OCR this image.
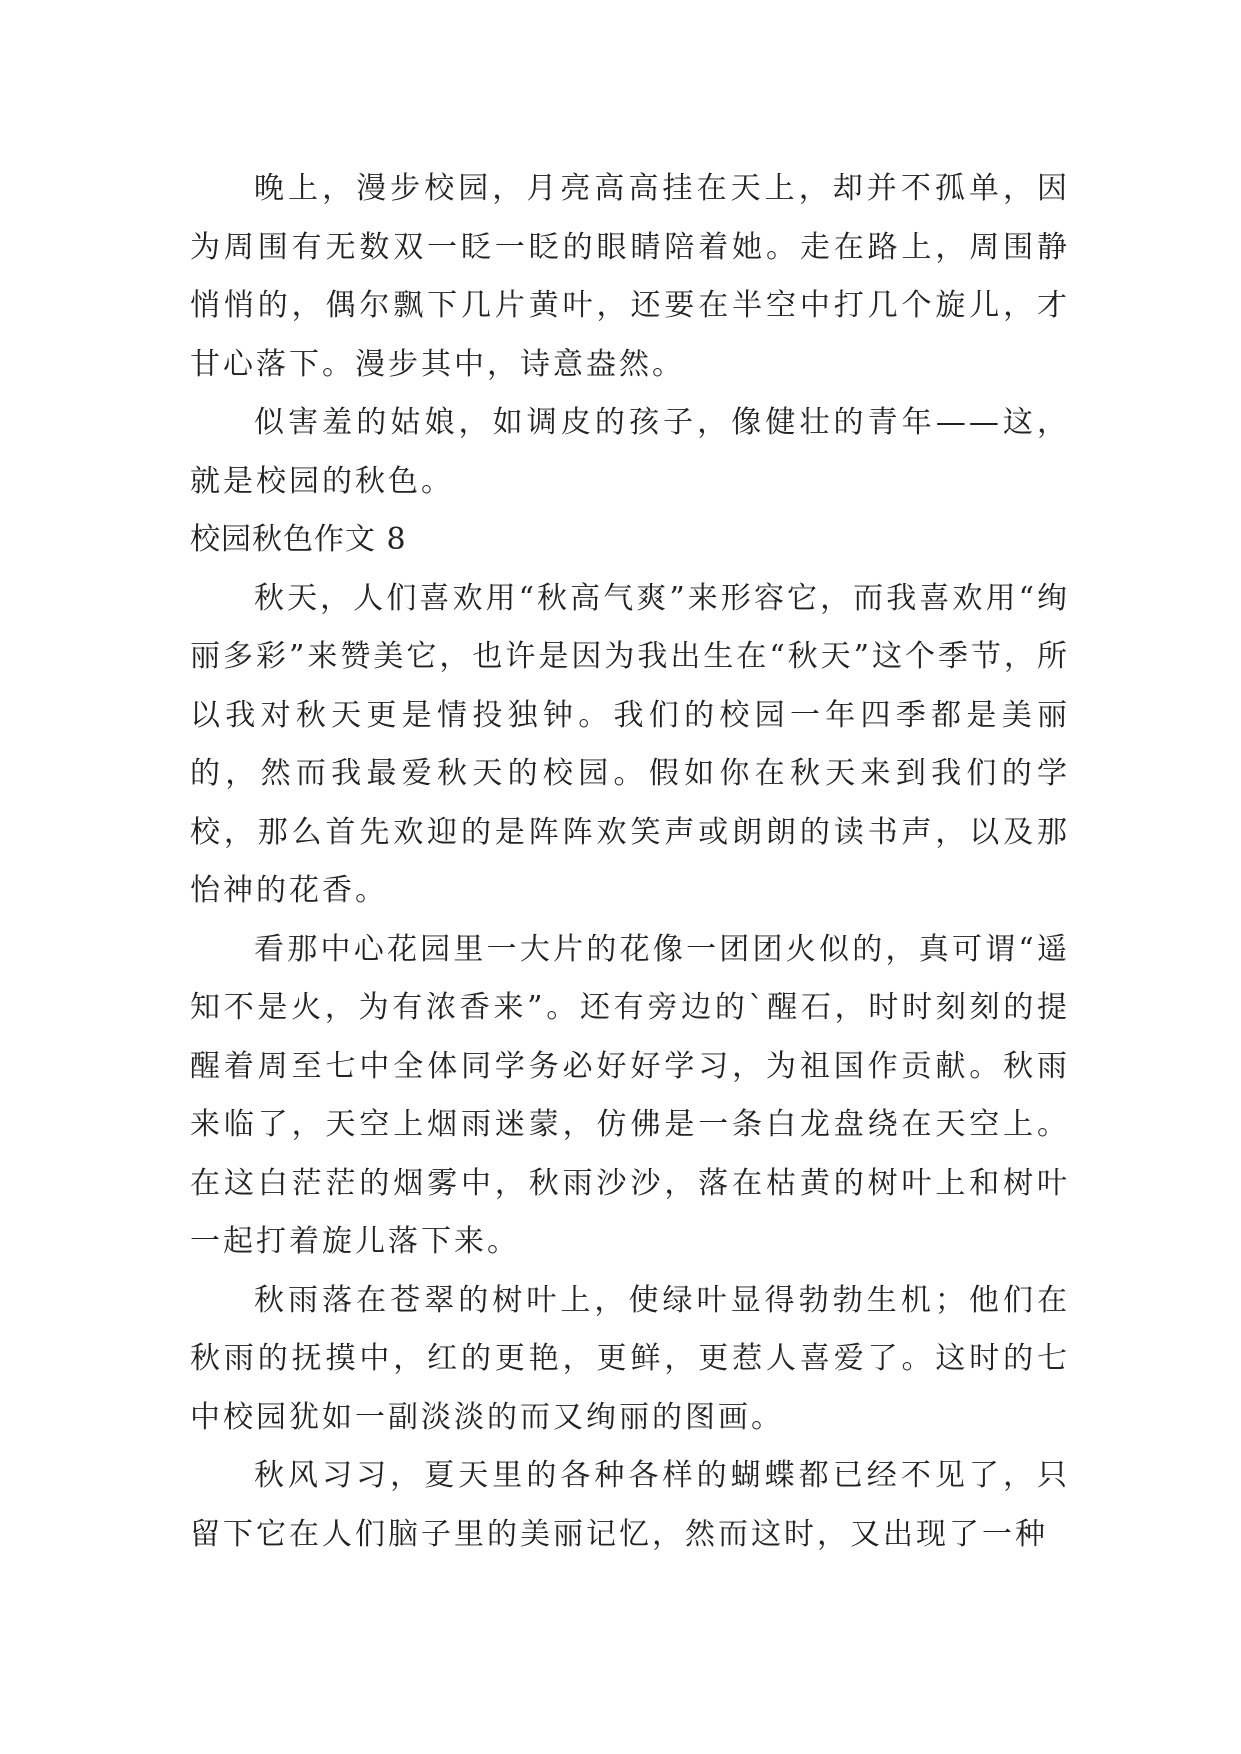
晚上，漫步校园，月亮高高挂在天上，却并不孤单，因为周围有无数双一眨一眨的眼睛陪着她。走在路上，周围静悄悄的，偶尔飘下几片黄叶，还要在半空中打几个旋儿，才甘心落下。漫步其中，诗意盎然。

似害羞的姑娘，如调皮的孩子，像健壮的青年——这，就是校园的秋色。

校园秋色作文 8

秋天，人们喜欢用“秋高气爽”来形容它，而我喜欢用“绚丽多彩”来赞美它，也许是因为我出生在“秋天”这个季节，所以我对秋天更是情投独钟。我们的校园一年四季都是美丽的，然而我最爱秋天的校园。假如你在秋天来到我们的学校，那么首先欢迎的是阵阵欢笑声或朗朗的读书声，以及那怡神的花香。

看那中心花园里一大片的花像一团团火似的，真可谓“遥知不是火，为有浓香来”。还有旁边的`醒石，时时刻刻的提醒着周至七中全体同学务必好好学习，为祖国作贡献。秋雨来临了，天空上烟雨迷蒙，仿佛是一条白龙盘绕在天空上。在这白茫茫的烟雾中，秋雨沙沙，落在枯黄的树叶上和树叶一起打着旋儿落下来。

秋雨落在苍翠的树叶上，使绿叶显得勃勃生机；他们在秋雨的抚摸中，红的更艳，更鲜，更惹人喜爱了。这时的七中校园犹如一副淡淡的而又绚丽的图画。

秋风习习，夏天里的各种各样的蝴蝶都已经不见了，只留下它在人们脑子里的美丽记忆，然而这时，又出现了一种
